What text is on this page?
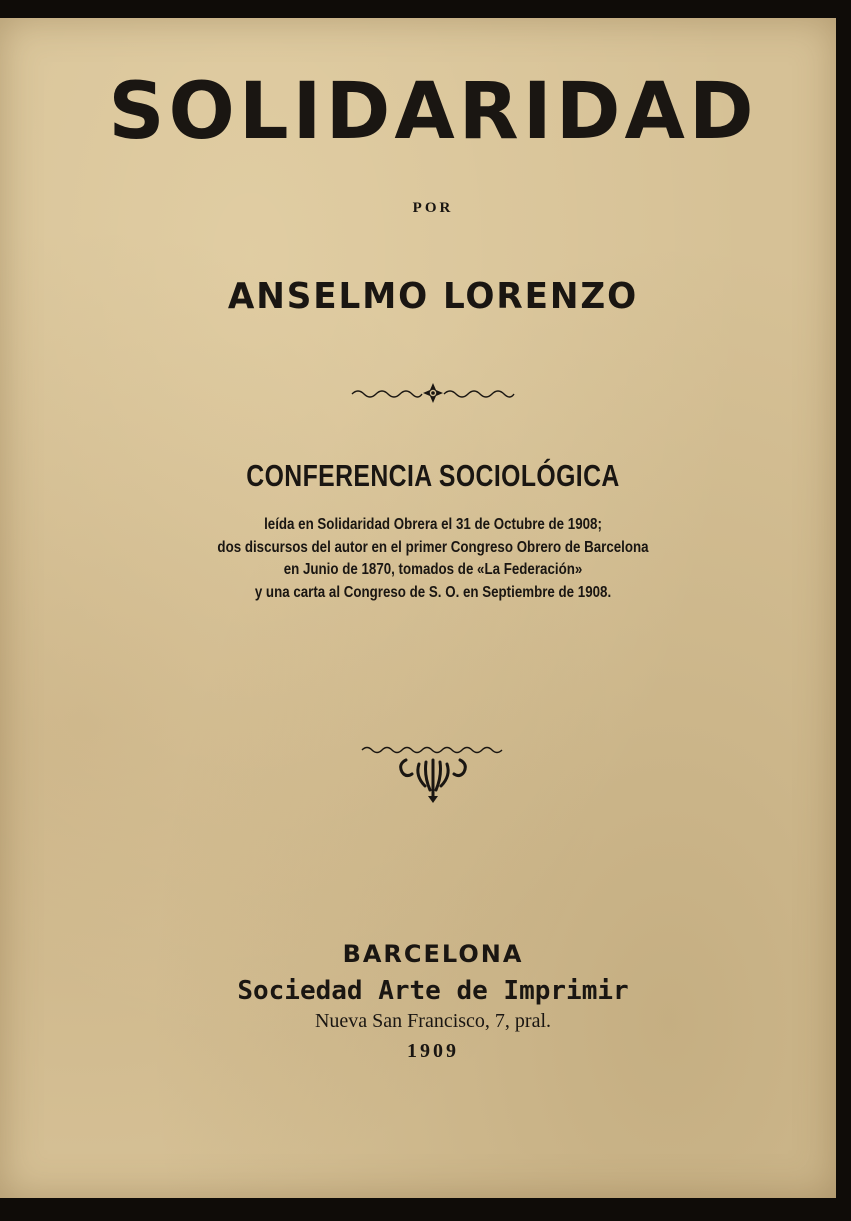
SOLIDARIDAD
POR
ANSELMO LORENZO
CONFERENCIA SOCIOLÓGICA
leída en Solidaridad Obrera el 31 de Octubre de 1908;
dos discursos del autor en el primer Congreso Obrero de Barcelona
en Junio de 1870, tomados de «La Federación»
y una carta al Congreso de S. O. en Septiembre de 1908.
BARCELONA
Sociedad Arte de Imprimir
Nueva San Francisco, 7, pral.
1909
